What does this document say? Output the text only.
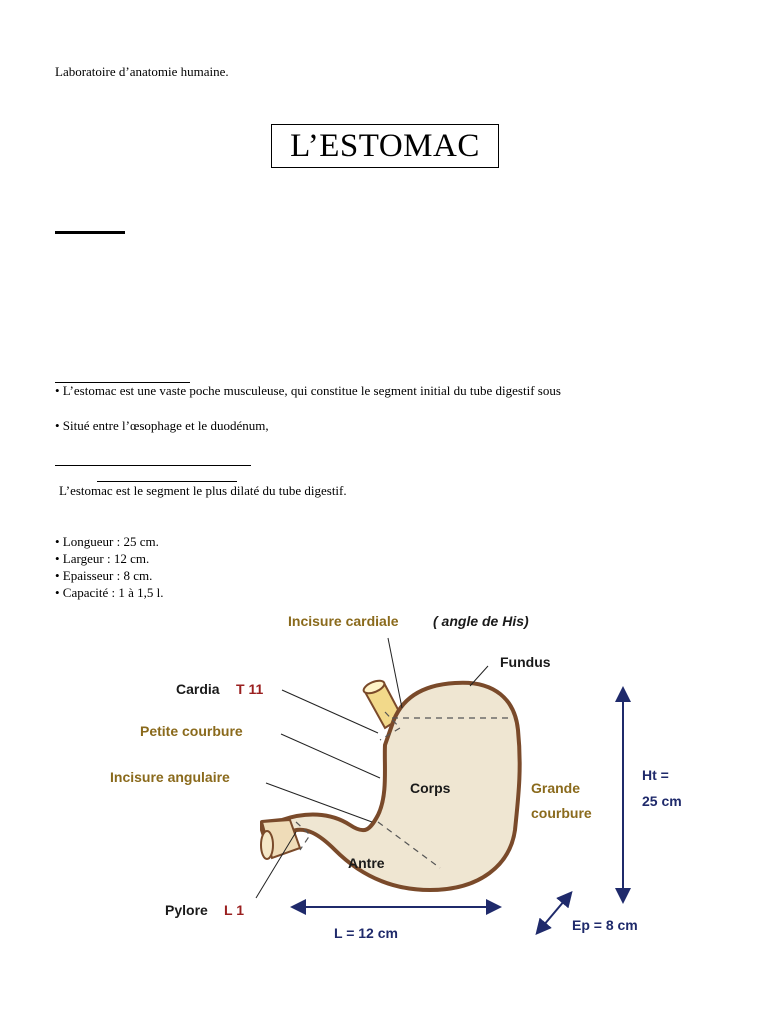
Laboratoire d’anatomie humaine.
L’ESTOMAC
• L’estomac est une vaste poche musculeuse, qui constitue le segment initial du tube digestif sous
• Situé entre l’œsophage et le duodénum,
L’estomac est le segment le plus dilaté du tube digestif.
• Longueur : 25 cm.
• Largeur : 12 cm.
• Epaisseur : 8 cm.
• Capacité : 1 à 1,5 l.
Incisure cardiale ( angle de His)
Fundus
Cardia T 11
Petite courbure
Incisure angulaire
Corps	Grande
courbure
Antre
Ht =
25 cm
Pylore L 1
L = 12 cm	Ep = 8 cm
